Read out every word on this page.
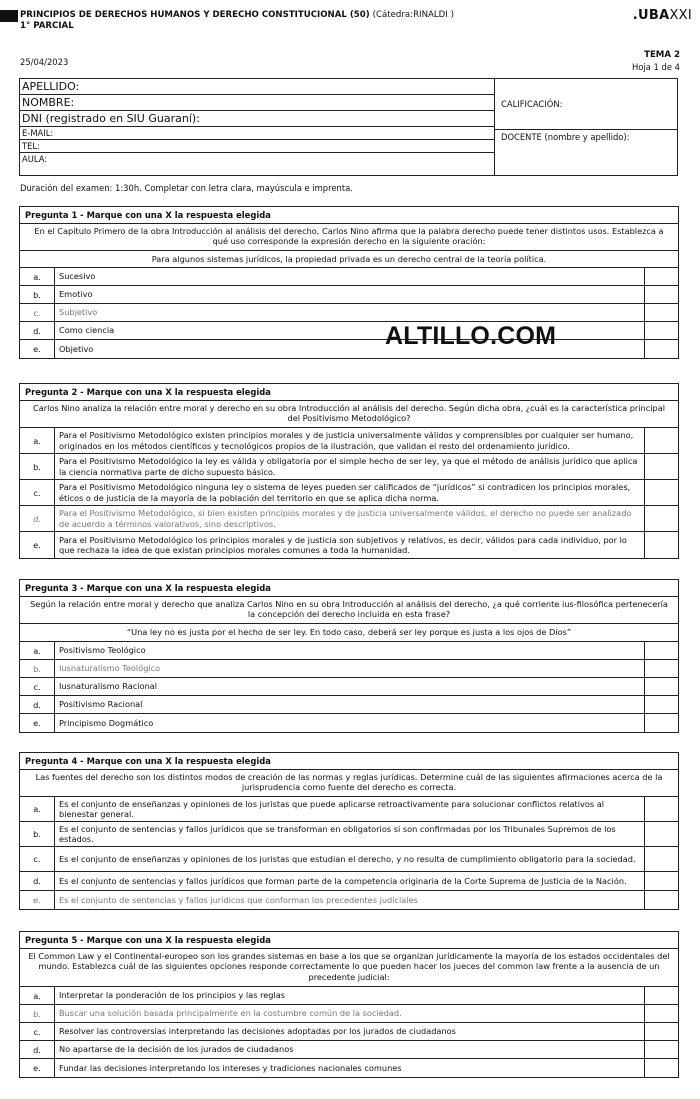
PRINCIPIOS DE DERECHOS HUMANOS Y DERECHO CONSTITUCIONAL (50) (Cátedra:RINALDI )
1° PARCIAL
.UBAXXI
25/04/2023
TEMA 2
Hoja 1 de 4
APELLIDO:
NOMBRE:
DNI (registrado en SIU Guaraní):
E-MAIL:
TEL:
AULA:
CALIFICACIÓN:
DOCENTE (nombre y apellido):
Duración del examen: 1:30h. Completar con letra clara, mayúscula e imprenta.
Pregunta 1 - Marque con una X la respuesta elegida
En el Capítulo Primero de la obra Introducción al análisis del derecho, Carlos Nino afirma que la palabra derecho puede tener distintos usos. Establezca a qué uso corresponde la expresión derecho en la siguiente oración:
Para algunos sistemas jurídicos, la propiedad privada es un derecho central de la teoría política.
a.	Sucesivo
b.	Emotivo
c.	Subjetivo
d.	Como ciencia
e.	Objetivo	ALTILLO.COM
Pregunta 2 - Marque con una X la respuesta elegida
Carlos Nino analiza la relación entre moral y derecho en su obra Introducción al análisis del derecho. Según dicha obra, ¿cuál es la característica principal del Positivismo Metodológico?
a.
Para el Positivismo Metodológico existen principios morales y de justicia universalmente válidos y comprensibles por cualquier ser humano, originados en los métodos científicos y tecnológicos propios de la ilustración, que validan el resto del ordenamiento jurídico.
b.
Para el Positivismo Metodológico la ley es válida y obligatoria por el simple hecho de ser ley, ya que el método de análisis jurídico que aplica la ciencia normativa parte de dicho supuesto básico.
c.
Para el Positivismo Metodológico ninguna ley o sistema de leyes pueden ser calificados de “jurídicos” si contradicen los principios morales, éticos o de justicia de la mayoría de la población del territorio en que se aplica dicha norma.
d.
Para el Positivismo Metodológico, si bien existen principios morales y de justicia universalmente válidos, el derecho no puede ser analizado de acuerdo a términos valorativos, sino descriptivos.
e.
Para el Positivismo Metodológico los principios morales y de justicia son subjetivos y relativos, es decir, válidos para cada individuo, por lo que rechaza la idea de que existan principios morales comunes a toda la humanidad.
Pregunta 3 - Marque con una X la respuesta elegida
Según la relación entre moral y derecho que analiza Carlos Nino en su obra Introducción al análisis del derecho, ¿a qué corriente ius-filosófica pertenecería la concepción del derecho incluida en esta frase?
“Una ley no es justa por el hecho de ser ley. En todo caso, deberá ser ley porque es justa a los ojos de Dios”
a.	Positivismo Teológico
b.	Iusnaturalismo Teológico
c.	Iusnaturalismo Racional
d.	Positivismo Racional
e.	Principismo Dogmático
Pregunta 4 - Marque con una X la respuesta elegida
Las fuentes del derecho son los distintos modos de creación de las normas y reglas jurídicas. Determine cuál de las siguientes afirmaciones acerca de la jurisprudencia como fuente del derecho es correcta.
a.
Es el conjunto de enseñanzas y opiniones de los juristas que puede aplicarse retroactivamente para solucionar conflictos relativos al bienestar general.
b.
Es el conjunto de sentencias y fallos jurídicos que se transforman en obligatorios si son confirmadas por los Tribunales Supremos de los estados.
c.	Es el conjunto de enseñanzas y opiniones de los juristas que estudian el derecho, y no resulta de cumplimiento obligatorio para la sociedad.
d.	Es el conjunto de sentencias y fallos jurídicos que forman parte de la competencia originaria de la Corte Suprema de Justicia de la Nación.
e.	Es el conjunto de sentencias y fallos jurídicos que conforman los precedentes judiciales
Pregunta 5 - Marque con una X la respuesta elegida
El Common Law y el Continental-europeo son los grandes sistemas en base a los que se organizan jurídicamente la mayoría de los estados occidentales del mundo. Establezca cuál de las siguientes opciones responde correctamente lo que pueden hacer los jueces del common law frente a la ausencia de un precedente judicial:
a.	Interpretar la ponderación de los principios y las reglas
b.	Buscar una solución basada principalmente en la costumbre común de la sociedad.
c.	Resolver las controversias interpretando las decisiones adoptadas por los jurados de ciudadanos
d.	No apartarse de la decisión de los jurados de ciudadanos
e.	Fundar las decisiones interpretando los intereses y tradiciones nacionales comunes
